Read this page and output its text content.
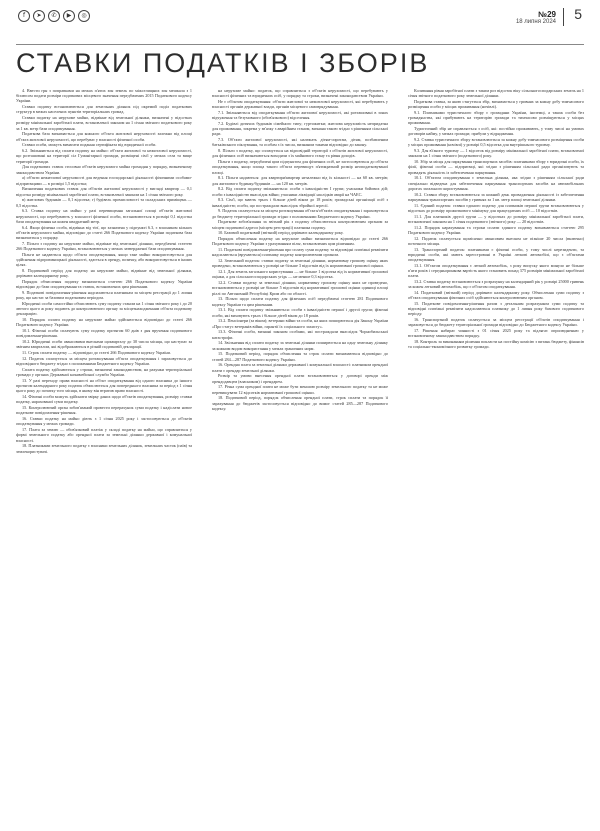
f	➤	✆	▶	◎	№29
18 липня 2024 5
СТАВКИ ПОДАТКІВ І ЗБОРІВ

4. Ввести грн з поправками на межах п'ятих зон земель по міжселищних зон мешкала з 1 бізлюсом подати розміри податкових місцевого значення передбачених 2015 Податкового кодексу України.

Ставки податку встановлюються для земельних ділянок під окремий поділ податкових структур в межах населених пунктів територіальних громад.

Ставки податку на нерухоме майно, відмінне від земельної ділянки, визначені у відсотках розміру мінімальної заробітної плати, встановленої законом на 1 січня звітного податкового року за 1 кв. метр бази оподаткування.

Податкова база визначається для кожного об'єкта житлової нерухомості залежно від площі об'єкта житлової нерухомості, що перебуває у власності фізичної особи.

Ставки особи, можуть вимагати подання сертифіката від юридичної особи.

6.2. Звільняються від сплати податку на майно: об'єкти житлової та нежитлової нерухомості, що розташовані на території сіл Гуманітарної громади, розміщені сім'ї у межах села та вище території громади.

Для податкових ставок стосовно об'єктів нерухомого майна громадян у порядку, визначеному законодавством України.

а) об'єкти нежитлової нерухомості для ведення господарської діяльності фізичними особами-підприємцями — в розмірі 1,5 відсотка;

Визначення податкових ставок для об'єктів житлової нерухомості у вигляді квартир — 0,1 відсотка розміру мінімальної заробітної плати, встановленої законом на 1 січня звітного року.

в) житлових будинків — 0,1 відсотка; г) будівель промисловості та складських приміщень — 0,5 відсотка.

6.3. Ставка податку на майно у разі перевищення загальної площі об'єктів житлової нерухомості, що перебувають у власності фізичної особи, встановлюється в розмірі 0,1 відсотка бази оподаткування на кожен квадратний метр.

6.4. Якщо фізична особа, відмінна від тієї, що зазначена у підпункті 6.3, є власником кількох об'єктів нерухомого майна, відповідно до статті 266 Податкового кодексу України податкова база визначається у порядку.

7. Пільги з податку на нерухоме майно, відмінне від земельної ділянки, передбачені статтею 266 Податкового кодексу України, встановлюються у межах затвердженої бази оподаткування.

Пільги не надаються щодо об'єкта оподаткування, якщо таке майно використовується для здійснення підприємницької діяльності, здається в оренду, позичку, або використовується в інших цілях.

8. Податковий період для податку на нерухоме майно, відмінне від земельної ділянки, дорівнює календарному року.

Порядок обчислення податку визначається статтею 266 Податкового кодексу України відповідно до бази оподаткування та ставок, встановлених цим рішенням.

9. Податкові повідомлення-рішення надсилаються платникам за місцем реєстрації до 1 липня року, що настає за базовим податковим періодом.

Юридичні особи самостійно обчислюють суму податку станом на 1 січня звітного року і до 20 лютого цього ж року подають до контролюючого органу за місцезнаходженням об'єкта податкову декларацію.

10. Порядок сплати податку на нерухоме майно здійснюється відповідно до статті 266 Податкового кодексу України.

10.1. Фізичні особи сплачують суму податку протягом 60 днів з дня вручення податкового повідомлення-рішення.

10.2. Юридичні особи авансовими внесками щокварталу до 30 числа місяця, що наступає за звітним кварталом, які відображаються в річній податковій декларації.

11. Строк сплати податку — відповідно до статті 266 Податкового кодексу України.

12. Податок сплачується за місцем розташування об'єкта оподаткування і зараховується до відповідного бюджету згідно з положеннями Бюджетного кодексу України.

Сплата податку здійснюється у строки, визначені законодавством, на рахунки територіальної громади у органах Державної казначейської служби України.

13. У разі переходу права власності на об'єкт оподаткування від одного власника до іншого протягом календарного року податок обчислюється для попереднього власника за період з 1 січня цього року до початку того місяця, в якому він втратив право власності.

14. Фізичні особи можуть здійснити звірку даних щодо об'єктів оподаткування, розміру ставки податку, нарахованої суми податку.

15. Контролюючий орган зобов'язаний провести перерахунок суми податку і надіслати новое податкове повідомлення-рішення.

16. Ставки податку на майно діють з 1 січня 2025 року і застосовуються до об'єктів оподаткування у межах громади.

17. Плата за землю — обов'язковий платіж у складі податку на майно, що справляється у формі земельного податку або орендної плати за земельні ділянки державної і комунальної власності.

18. Платниками земельного податку є власники земельних ділянок, земельних часток (паїв) та землекористувачі.

на нерухоме майно: податок, що справляється з об'єктів нерухомості, що перебувають у власності фізичних та юридичних осіб, у порядку та строки, визначені законодавством України.

Не є об'єктом оподаткування: об'єкти житлової та нежитлової нерухомості, які перебувають у власності органів державної влади, органів місцевого самоврядування.

7.1. Звільняються від оподаткування об'єкти житлової нерухомості, які розташовані в зонах відчуження та безумовного (обов'язкового) відселення.

7.2. Будівлі дитячих будинків сімейного типу; гуртожитки; житлова нерухомість непридатна для проживання, зокрема у зв'язку з аварійним станом, визнана такою згідно з рішенням сільської ради.

7.3. Об'єкти житлової нерухомості, які належать дітям-сиротам, дітям, позбавленим батьківського піклування, та особам з їх числа, визнаним такими відповідно до закону.

8. Пільги з податку, що сплачується на відповідній території з об'єктів житлової нерухомості, для фізичних осіб визначаються виходячи з їх майнового стану та рівня доходів.

Пільги з податку, передбачені цим підпунктом для фізичних осіб, не застосовуються до об'єкта оподаткування, якщо площа такого об'єкта перевищує п'ятикратний розмір неоподатковуваної площі.

8.1. Пільги надаються: для квартири/квартир незалежно від їх кількості — на 60 кв. метрів; для житлового будинку/будинків — на 120 кв. метрів.

8.2. Від сплати податку звільняються: особи з інвалідністю I групи; учасники бойових дій; особи з інвалідністю внаслідок війни; учасники ліквідації наслідків аварії на ЧАЕС.

8.3. Сім'ї, що мають трьох і більше дітей віком до 18 років; громадські організації осіб з інвалідністю; особи, що постраждали внаслідок збройної агресії.

9. Податок сплачується за місцем розташування об'єкта/об'єктів оподаткування і зараховується до бюджету територіальної громади згідно з положеннями Бюджетного кодексу України.

Податкове зобов'язання за звітний рік з податку обчислюється контролюючим органом за місцем податкової адреси (місцем реєстрації) платника податку.

10. Базовий податковий (звітний) період дорівнює календарному року.

Порядок обчислення податку на нерухоме майно визначається відповідно до статті 266 Податкового кодексу України з урахуванням пільг, встановлених цим рішенням.

11. Податкові повідомлення-рішення про сплату суми податку та відповідні платіжні реквізити надсилаються (вручаються) платнику податку контролюючим органом.

12. Земельний податок: ставки податку за земельні ділянки, нормативну грошову оцінку яких проведено, встановлюються у розмірі не більше 3 відсотків від їх нормативної грошової оцінки.

12.1. Для земель загального користування — не більше 1 відсотка від їх нормативної грошової оцінки, а для сільськогосподарських угідь — не менше 0,3 відсотка.

12.2. Ставки податку за земельні ділянки, нормативну грошову оцінку яких не проведено, встановлюються у розмірі не більше 5 відсотків від нормативної грошової оцінки одиниці площі ріллі по Автономній Республіці Крим або по області.

13. Пільги щодо сплати податку для фізичних осіб передбачені статтею 281 Податкового кодексу України та цим рішенням.

13.1. Від сплати податку звільняються: особи з інвалідністю першої і другої групи; фізичні особи, які виховують трьох і більше дітей віком до 18 років.

13.2. Пенсіонери (за віком); ветерани війни та особи, на яких поширюється дія Закону України «Про статус ветеранів війни, гарантії їх соціального захисту».

13.3. Фізичні особи, визнані законом особами, які постраждали внаслідок Чорнобильської катастрофи.

14. Звільнення від сплати податку за земельні ділянки поширюється на одну земельну ділянку за кожним видом використання у межах граничних норм.

15. Податковий період, порядок обчислення та строк сплати визначаються відповідно до статей 284—287 Податкового кодексу України.

16. Орендна плата за земельні ділянки державної і комунальної власності: платником орендної плати є орендар земельної ділянки.

Розмір та умови внесення орендної плати встановлюються у договорі оренди між орендодавцем (власником) і орендарем.

17. Річна сума орендної плати не може бути меншою розміру земельного податку та не може перевищувати 12 відсотків нормативної грошової оцінки.

18. Податковий період, порядок обчислення орендної плати, строк сплати та порядок її зарахування до бюджетів застосовується відповідно до вимог статей 285—287 Податкового кодексу.

Коливання рівня заробітної плати з таким роз відсоток віку сільськогосподарських земель на 1 січня звітного податкового року земельної ділянки.

Податкова ставка, за якою стягується збір, визначається у гривнях за кожну добу тимчасового розміщення особи у місцях проживання (ночівлі).

9.1. Платниками туристичного збору є громадяни України, іноземці, а також особи без громадянства, які прибувають на територію громади та тимчасово розміщуються у місцях проживання.

Туристичний збір не справляється з осіб, які: постійно проживають, у тому числі на умовах договорів найму, у межах громади; прибули у відрядження.

9.2. Ставка туристичного збору встановлюється за кожну добу тимчасового розміщення особи у місцях проживання (ночівлі) у розмірі 0,5 відсотка для внутрішнього туризму.

9.3. Для в'їзного туризму — 1 відсоток від розміру мінімальної заробітної плати, встановленої законом на 1 січня звітного (податкового) року.

10. Збір за місця для паркування транспортних засобів: платниками збору є юридичні особи, їх філії, фізичні особи — підприємці, які згідно з рішенням сільської ради організовують та провадять діяльність із забезпечення паркування.

10.1. Об'єктом оподаткування є земельна ділянка, яка згідно з рішенням сільської ради спеціально відведена для забезпечення паркування транспортних засобів на автомобільних дорогах загального користування.

10.2. Ставки збору встановлюються за кожний день провадження діяльності із забезпечення паркування транспортних засобів у гривнях за 1 кв. метр площі земельної ділянки.

11. Єдиний податок: ставки єдиного податку для платників першої групи встановлюються у відсотках до розміру прожиткового мінімуму для працездатних осіб — 10 відсотків.

11.1. Для платників другої групи — у відсотках до розміру мінімальної заробітної плати, встановленої законом на 1 січня податкового (звітного) року — 20 відсотків.

11.2. Порядок нарахування та строки сплати єдиного податку визначаються статтею 295 Податкового кодексу України.

12. Податок сплачується щомісячно авансовим внеском не пізніше 20 числа (включно) поточного місяця.

13. Транспортний податок: платниками є фізичні особи, у тому числі нерезиденти, та юридичні особи, які мають зареєстровані в Україні легкові автомобілі, що є об'єктами оподаткування.

13.1. Об'єктом оподаткування є легкий автомобіль, з року випуску якого минуло не більше п'яти років і середньоринкова вартість якого становить понад 375 розмірів мінімальної заробітної плати.

13.2. Ставка податку встановлюється з розрахунку на календарний рік у розмірі 25000 гривень за кожен легковий автомобіль, що є об'єктом оподаткування.

14. Податковий (звітний) період дорівнює календарному року. Обчислення суми податку з об'єкта оподаткування фізичних осіб здійснюється контролюючим органом.

15. Податкове повідомлення-рішення разом з детальним розрахунком суми податку та відповідні платіжні реквізити надсилаються платнику до 1 липня року базового податкового періоду.

16. Транспортний податок сплачується за місцем реєстрації об'єктів оподаткування і зараховується до бюджету територіальної громади відповідно до Бюджетного кодексу України.

17. Рішення набирає чинності з 01 січня 2025 року та підлягає оприлюдненню у встановленому законодавством порядку.

18. Контроль за виконанням рішення покласти на постійну комісію з питань бюджету, фінансів та соціально-економічного розвитку громади.
